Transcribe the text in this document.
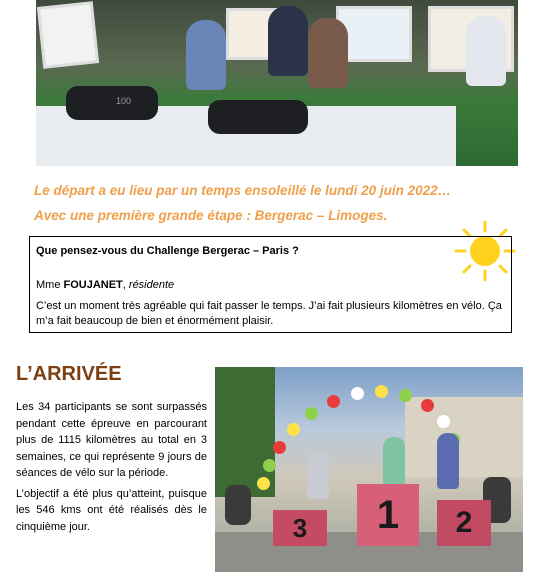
100
Le départ a eu lieu par un temps ensoleillé le lundi 20 juin 2022…
Avec une première grande étape : Bergerac – Limoges.
Que pensez-vous du Challenge Bergerac – Paris ?
Mme FOUJANET, résidente
C’est un moment très agréable qui fait passer le temps. J’ai fait plusieurs kilomètres en vélo. Ça m’a fait beaucoup de bien et énormément plaisir.
L’ARRIVÉE

Les 34 participants se sont surpassés pendant cette épreuve en parcourant plus de 1115 kilomètres au total en 3 semaines, ce qui représente 9 jours de séances de vélo sur la période.

L’objectif a été plus qu’atteint, puisque les 546 kms ont été réalisés dès le cinquième jour.	3	1	2
